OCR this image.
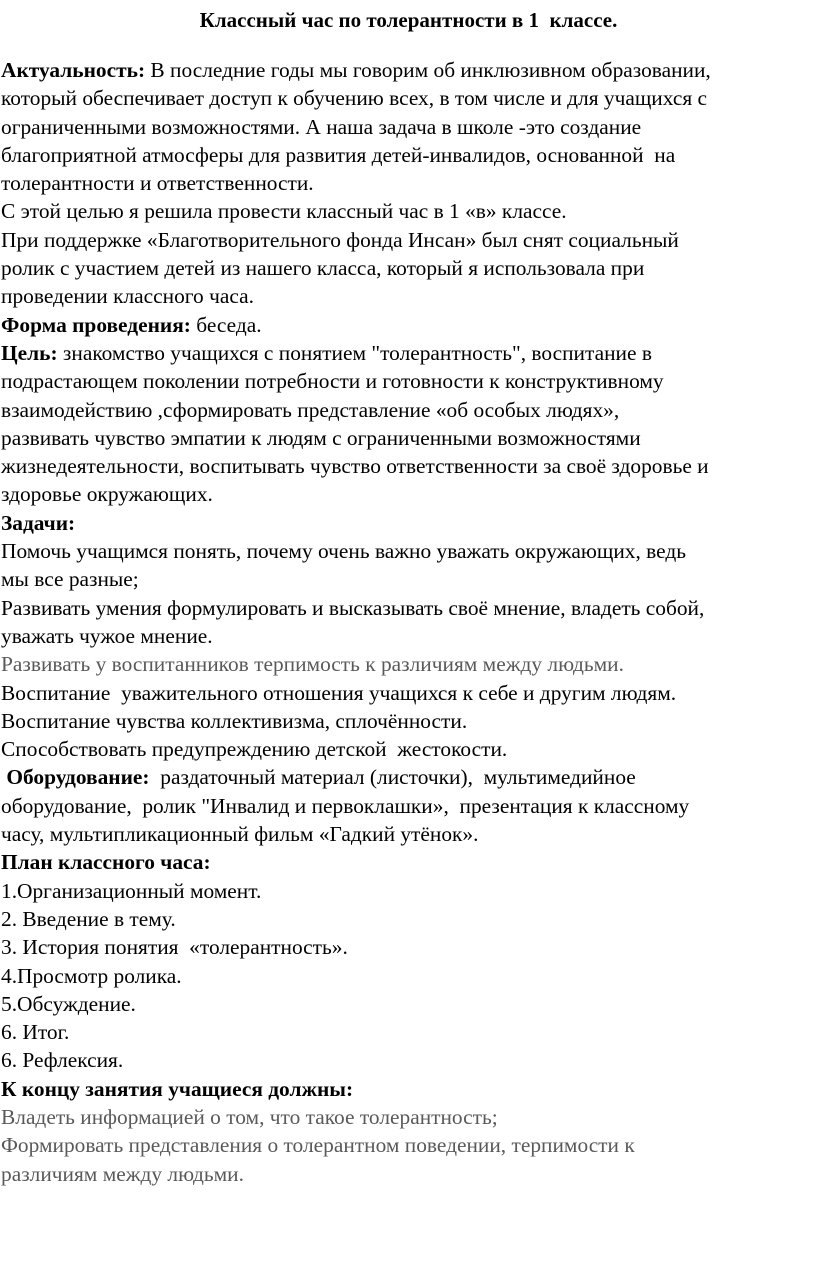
Классный час по толерантности в 1  классе.
Актуальность: В последние годы мы говорим об инклюзивном образовании,
который обеспечивает доступ к обучению всех, в том числе и для учащихся с
ограниченными возможностями. А наша задача в школе -это создание
благоприятной атмосферы для развития детей-инвалидов, основанной  на
толерантности и ответственности.
С этой целью я решила провести классный час в 1 «в» классе.
При поддержке «Благотворительного фонда Инсан» был снят социальный
ролик с участием детей из нашего класса, который я использовала при
проведении классного часа.
Форма проведения: беседа.
Цель: знакомство учащихся с понятием "толерантность", воспитание в
подрастающем поколении потребности и готовности к конструктивному
взаимодействию ,сформировать представление «об особых людях»,
развивать чувство эмпатии к людям с ограниченными возможностями
жизнедеятельности, воспитывать чувство ответственности за своё здоровье и
здоровье окружающих.
Задачи:
Помочь учащимся понять, почему очень важно уважать окружающих, ведь
мы все разные;
Развивать умения формулировать и высказывать своё мнение, владеть собой,
уважать чужое мнение.
Развивать у воспитанников терпимость к различиям между людьми.
Воспитание  уважительного отношения учащихся к себе и другим людям.
Воспитание чувства коллективизма, сплочённости.
Способствовать предупреждению детской  жестокости.
Оборудование:  раздаточный материал (листочки),  мультимедийное
оборудование,  ролик "Инвалид и первоклашки»,  презентация к классному
часу, мультипликационный фильм «Гадкий утёнок».
План классного часа:
1.Организационный момент.
2. Введение в тему.
3. История понятия  «толерантность».
4.Просмотр ролика.
5.Обсуждение.
6. Итог.
6. Рефлексия.
К концу занятия учащиеся должны:
Владеть информацией о том, что такое толерантность;
Формировать представления о толерантном поведении, терпимости к
различиям между людьми.
